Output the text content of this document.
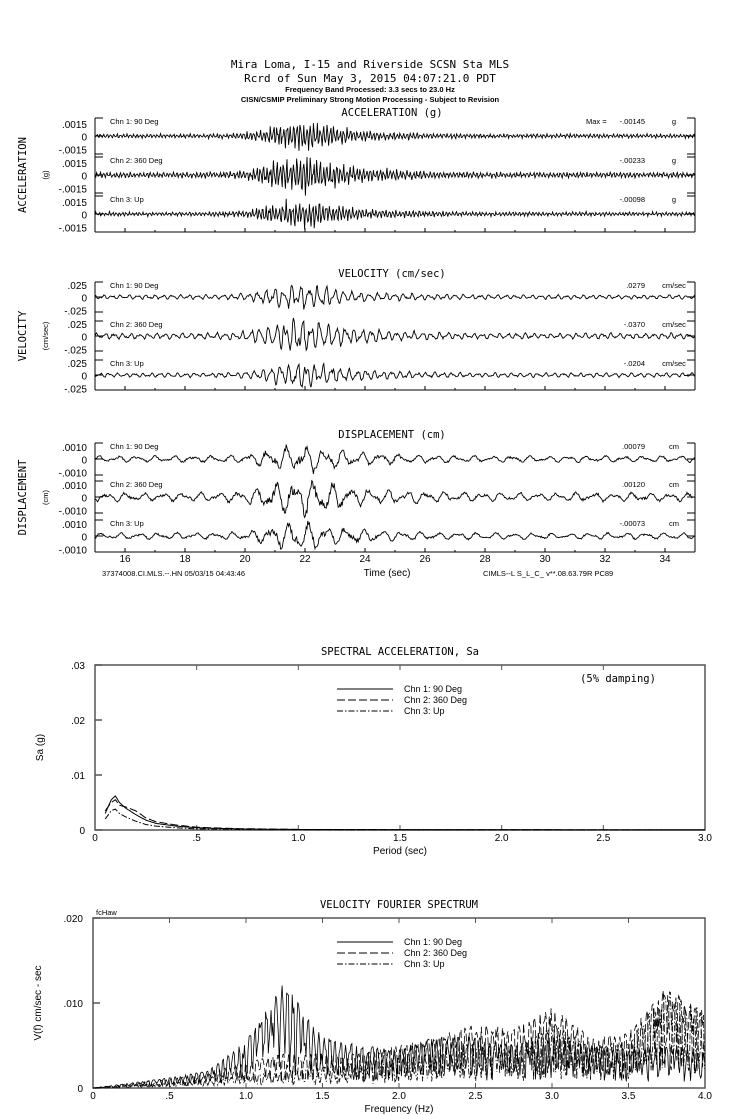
Mira Loma, I-15 and Riverside SCSN Sta MLS
Rcrd of Sun May 3, 2015 04:07:21.0 PDT
Frequency Band Processed: 3.3 secs to 23.0 Hz
CISN/CSMIP Preliminary Strong Motion Processing - Subject to Revision
ACCELERATION (g)
ACCELERATION (g)
.0015
0
-.0015
Chn 1: 90 Deg	Max = -.00145	g
.0015
0
-.0015
Chn 2: 360 Deg	-.00233	g
.0015
0
-.0015
Chn 3: Up	-.00098	g
VELOCITY (cm/sec)
VELOCITY (cm/sec)
.025
0
-.025
Chn 1: 90 Deg	.0279 cm/sec
.025
0
-.025
Chn 2: 360 Deg	-.0370 cm/sec
.025
0
-.025
Chn 3: Up	-.0204 cm/sec
DISPLACEMENT (cm)
DISPLACEMENT (cm)
.0010
0
-.0010
Chn 1: 90 Deg	.00079	cm
.0010
0
-.0010
Chn 2: 360 Deg	.00120	cm
.0010
0
-.0010
Chn 3: Up	-.00073	cm
16	18	20	22	24	26	28	30	32	34
Time (sec)
37374008.CI.MLS.--.HN 05/03/15 04:43:46	CIMLS--L S_L_C_ v**.08.63.79R PC89
SPECTRAL ACCELERATION, Sa
0	.5	1.0	1.5	2.0	2.5	3.0
0
.01
.02
.03
Period (sec)
Sa (g)
Chn 1: 90 Deg
Chn 2: 360 Deg
Chn 3: Up
(5% damping)
VELOCITY FOURIER SPECTRUM
0	.5	1.0	1.5	2.0	2.5	3.0	3.5	4.0
0
.010
.020
Frequency (Hz)
V(f) cm/sec - sec
Chn 1: 90 Deg
Chn 2: 360 Deg
Chn 3: Up
fcHaw
